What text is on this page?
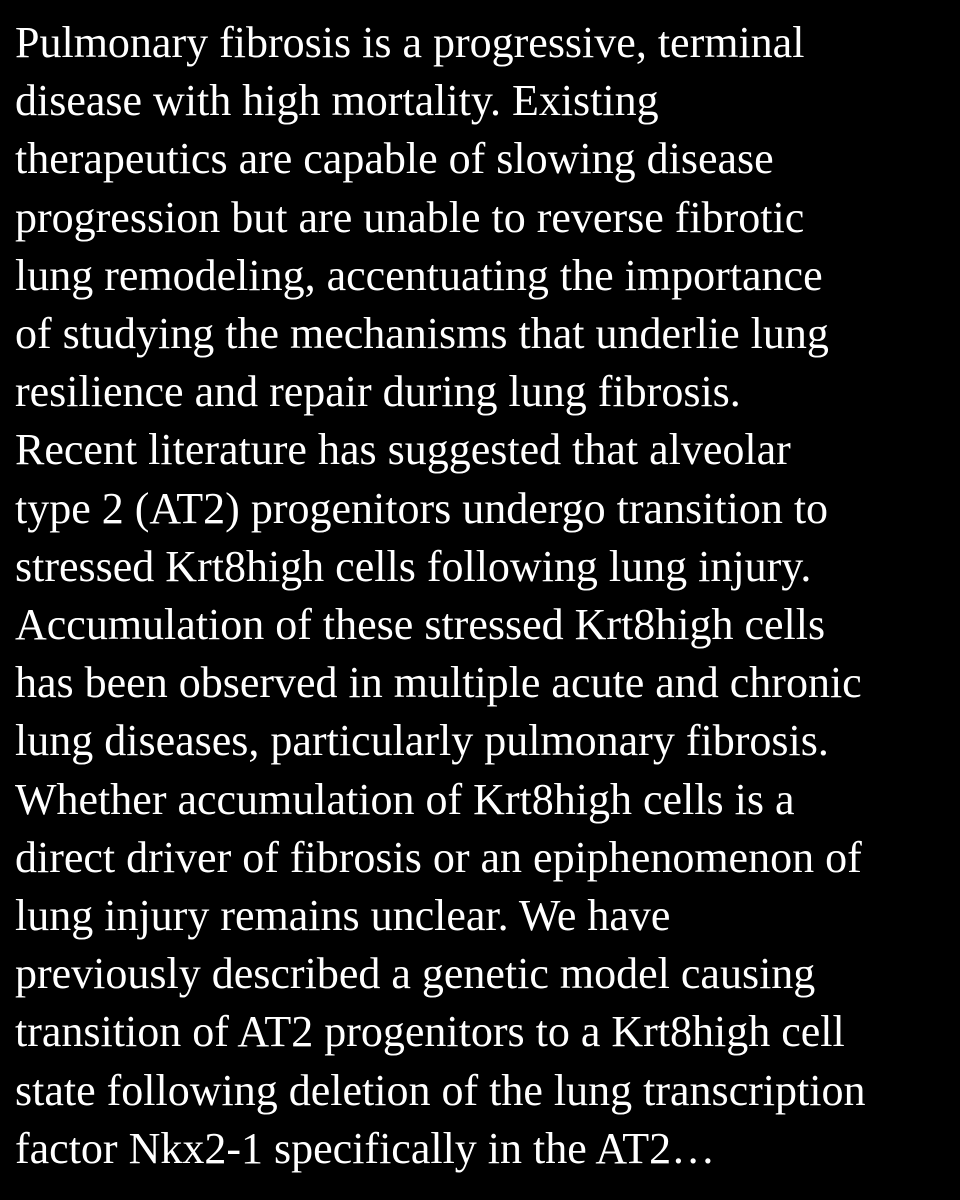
Pulmonary fibrosis is a progressive, terminal
disease with high mortality. Existing
therapeutics are capable of slowing disease
progression but are unable to reverse fibrotic
lung remodeling, accentuating the importance
of studying the mechanisms that underlie lung
resilience and repair during lung fibrosis.
Recent literature has suggested that alveolar
type 2 (AT2) progenitors undergo transition to
stressed Krt8high cells following lung injury.
Accumulation of these stressed Krt8high cells
has been observed in multiple acute and chronic
lung diseases, particularly pulmonary fibrosis.
Whether accumulation of Krt8high cells is a
direct driver of fibrosis or an epiphenomenon of
lung injury remains unclear. We have
previously described a genetic model causing
transition of AT2 progenitors to a Krt8high cell
state following deletion of the lung transcription
factor Nkx2-1 specifically in the AT2…
